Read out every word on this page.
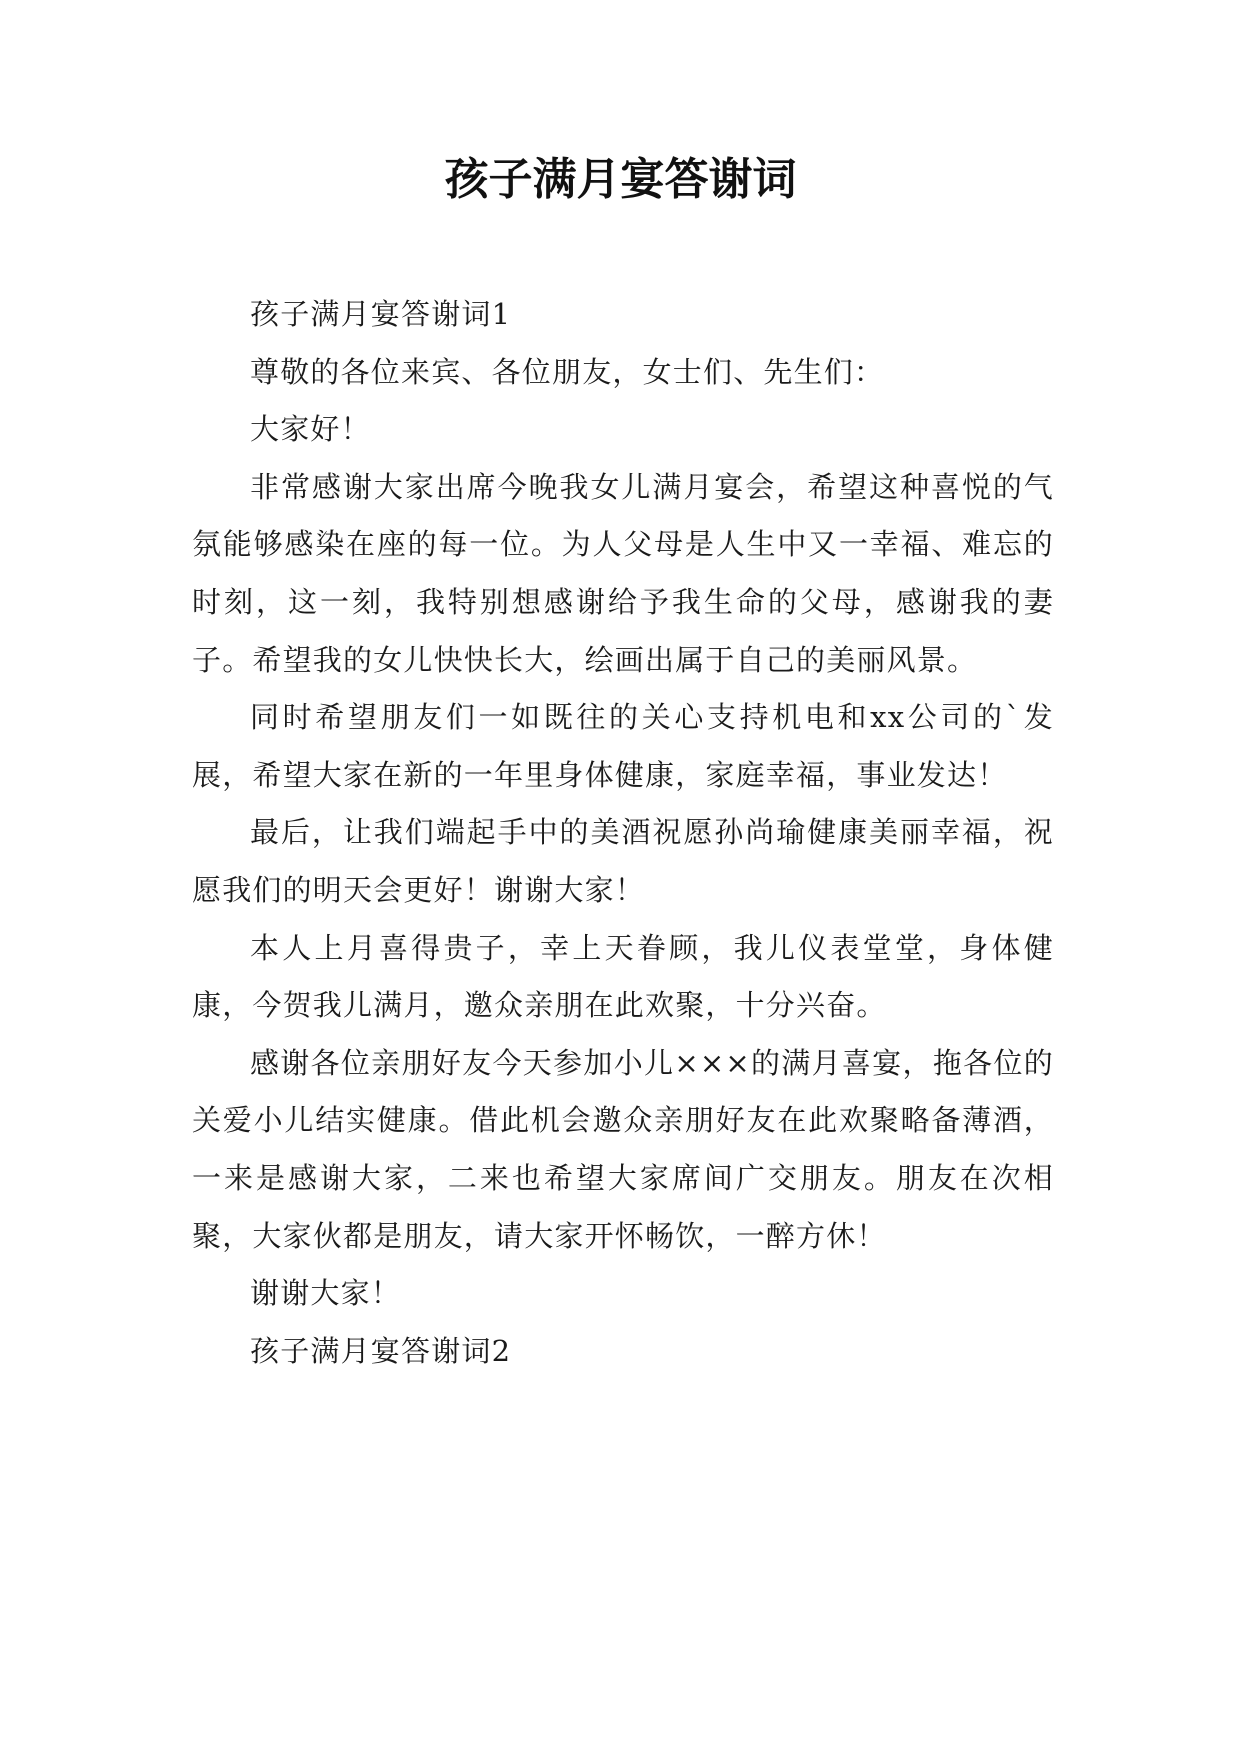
孩子满月宴答谢词

孩子满月宴答谢词1

尊敬的各位来宾、各位朋友，女士们、先生们：

大家好！

非常感谢大家出席今晚我女儿满月宴会，希望这种喜悦的气氛能够感染在座的每一位。为人父母是人生中又一幸福、难忘的时刻，这一刻，我特别想感谢给予我生命的父母，感谢我的妻子。希望我的女儿快快长大，绘画出属于自己的美丽风景。

同时希望朋友们一如既往的关心支持机电和xx公司的`发展，希望大家在新的一年里身体健康，家庭幸福，事业发达！

最后，让我们端起手中的美酒祝愿孙尚瑜健康美丽幸福，祝愿我们的明天会更好！谢谢大家！

本人上月喜得贵子，幸上天眷顾，我儿仪表堂堂，身体健康，今贺我儿满月，邀众亲朋在此欢聚，十分兴奋。

感谢各位亲朋好友今天参加小儿×××的满月喜宴，拖各位的关爱小儿结实健康。借此机会邀众亲朋好友在此欢聚略备薄酒，一来是感谢大家，二来也希望大家席间广交朋友。朋友在次相聚，大家伙都是朋友，请大家开怀畅饮，一醉方休！

谢谢大家！

孩子满月宴答谢词2
